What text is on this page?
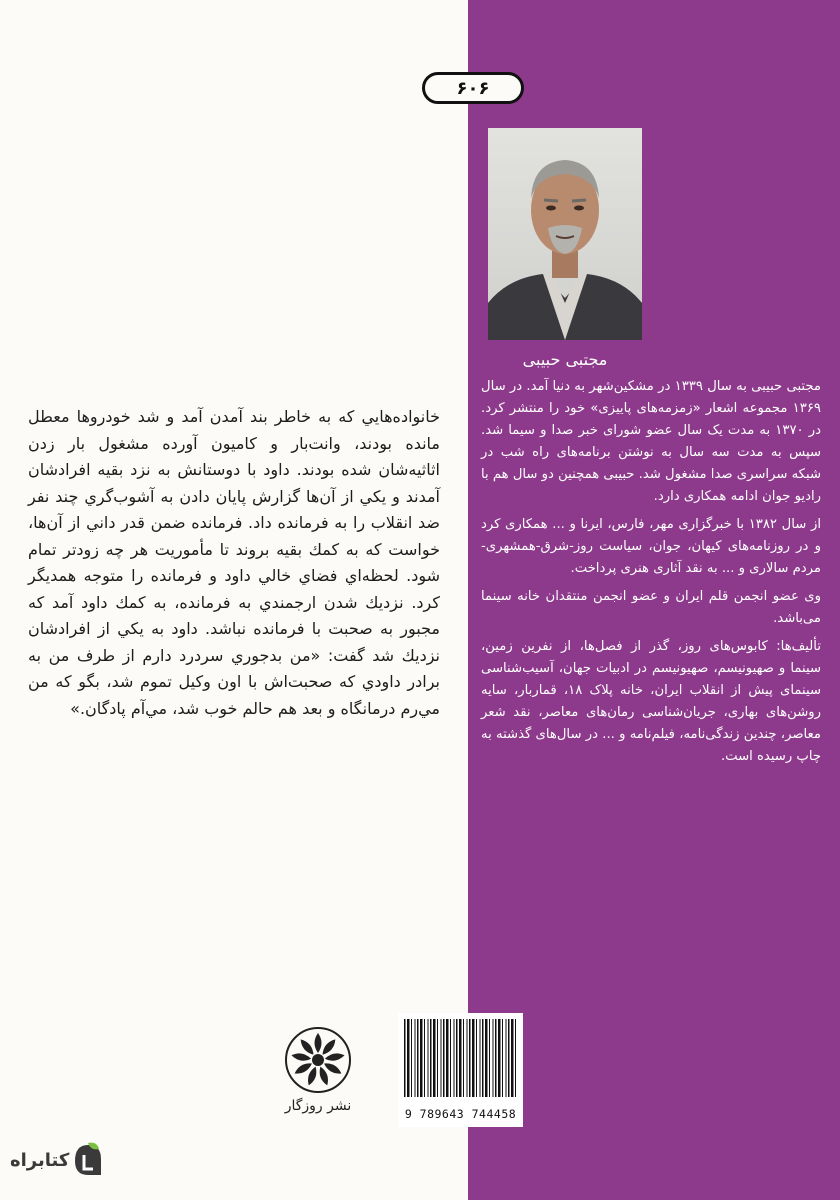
۶۰۶
مجتبی حبیبی

مجتبی حبیبی به سال ۱۳۳۹ در مشکین‌شهر به دنیا آمد. در سال ۱۳۶۹ مجموعه اشعار «زمزمه‌های پاییزی» خود را منتشر کرد. در ۱۳۷۰ به مدت یک سال عضو شورای خبر صدا و سیما شد. سپس به مدت سه سال به نوشتن برنامه‌های راه شب در شبکه سراسری صدا مشغول شد. حبیبی همچنین دو سال هم با رادیو جوان ادامه همکاری دارد.

از سال ۱۳۸۲ با خبرگزاری مهر، فارس، ایرنا و ... همکاری کرد و در روزنامه‌های کیهان، جوان، سیاست روز-شرق-همشهری-مردم سالاری و ... به نقد آثاری هنری پرداخت.

وی عضو انجمن قلم ایران و عضو انجمن منتقدان خانه سینما می‌باشد.

تألیف‌ها: کابوس‌های روز، گذر از فصل‌ها، از نفرین زمین، سینما و صهیونیسم، صهیونیسم در ادبیات جهان، آسیب‌شناسی سینمای پیش از انقلاب ایران، خانه پلاک ۱۸، قماربار، سایه روشن‌های بهاری، جریان‌شناسی رمان‌های معاصر، نقد شعر معاصر، چندین زندگی‌نامه، فیلم‌نامه و ... در سال‌های گذشته به چاپ رسیده است.

خانواده‌هايي كه به خاطر بند آمدن آمد و شد خودروها معطل مانده بودند، وانت‌بار و كاميون آورده مشغول بار زدن اثاثيه‌شان شده بودند. داود با دوستانش به نزد بقيه افرادشان آمدند و يكي از آن‌ها گزارش پايان دادن به آشوب‌گري چند نفر ضد انقلاب را به فرمانده داد. فرمانده ضمن قدر داني از آن‌ها، خواست كه به كمك بقيه بروند تا مأموريت هر چه زودتر تمام شود. لحظه‌اي فضاي خالي داود و فرمانده را متوجه همديگر كرد. نزديك شدن ارجمندي به فرمانده، به كمك داود آمد كه مجبور به صحبت با فرمانده نباشد. داود به يكي از افرادشان نزديك شد گفت: «من بدجوري سردرد دارم از طرف من به برادر داودي كه صحبت‌اش با اون وكيل تموم شد، بگو كه من مي‌رم درمانگاه و بعد هم حالم خوب شد، مي‌آم پادگان.»
نشر روزگار	9 789643 744458
کتابراه
